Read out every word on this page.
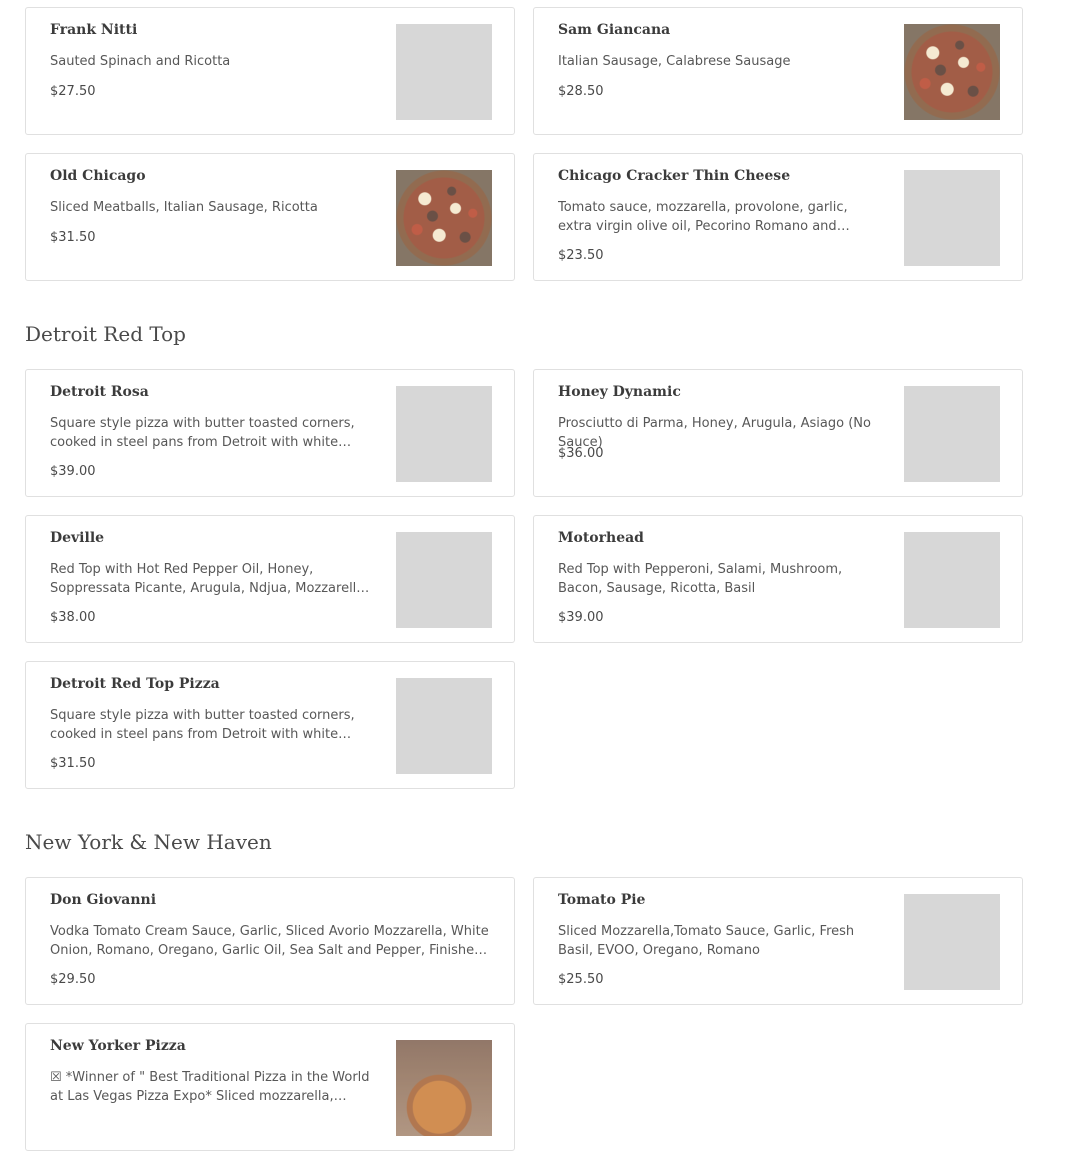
Frank Nitti
Sauted Spinach and Ricotta
$27.50
Sam Giancana
Italian Sausage, Calabrese Sausage
$28.50
Old Chicago
Sliced Meatballs, Italian Sausage, Ricotta
$31.50
Chicago Cracker Thin Cheese
Tomato sauce, mozzarella, provolone, garlic, extra virgin olive oil, Pecorino Romano and
$23.50
Detroit Red Top
Detroit Rosa
Square style pizza with butter toasted corners, cooked in steel pans from Detroit with white
$39.00
Honey Dynamic
Prosciutto di Parma, Honey, Arugula, Asiago (No Sauce)
$36.00
Deville
Red Top with Hot Red Pepper Oil, Honey, Soppressata Picante, Arugula, Ndjua, Mozzarella,
$38.00
Motorhead
Red Top with Pepperoni, Salami, Mushroom, Bacon, Sausage, Ricotta, Basil
$39.00
Detroit Red Top Pizza
Square style pizza with butter toasted corners, cooked in steel pans from Detroit with white
$31.50
New York & New Haven
Don Giovanni
Vodka Tomato Cream Sauce, Garlic, Sliced Avorio Mozzarella, White Onion, Romano, Oregano, Garlic Oil, Sea Salt and Pepper, Finished
$29.50
Tomato Pie
Sliced Mozzarella,Tomato Sauce, Garlic, Fresh Basil, EVOO, Oregano, Romano
$25.50
New Yorker Pizza
☒ *Winner of " Best Traditional Pizza in the World at Las Vegas Pizza Expo* Sliced mozzarella,
